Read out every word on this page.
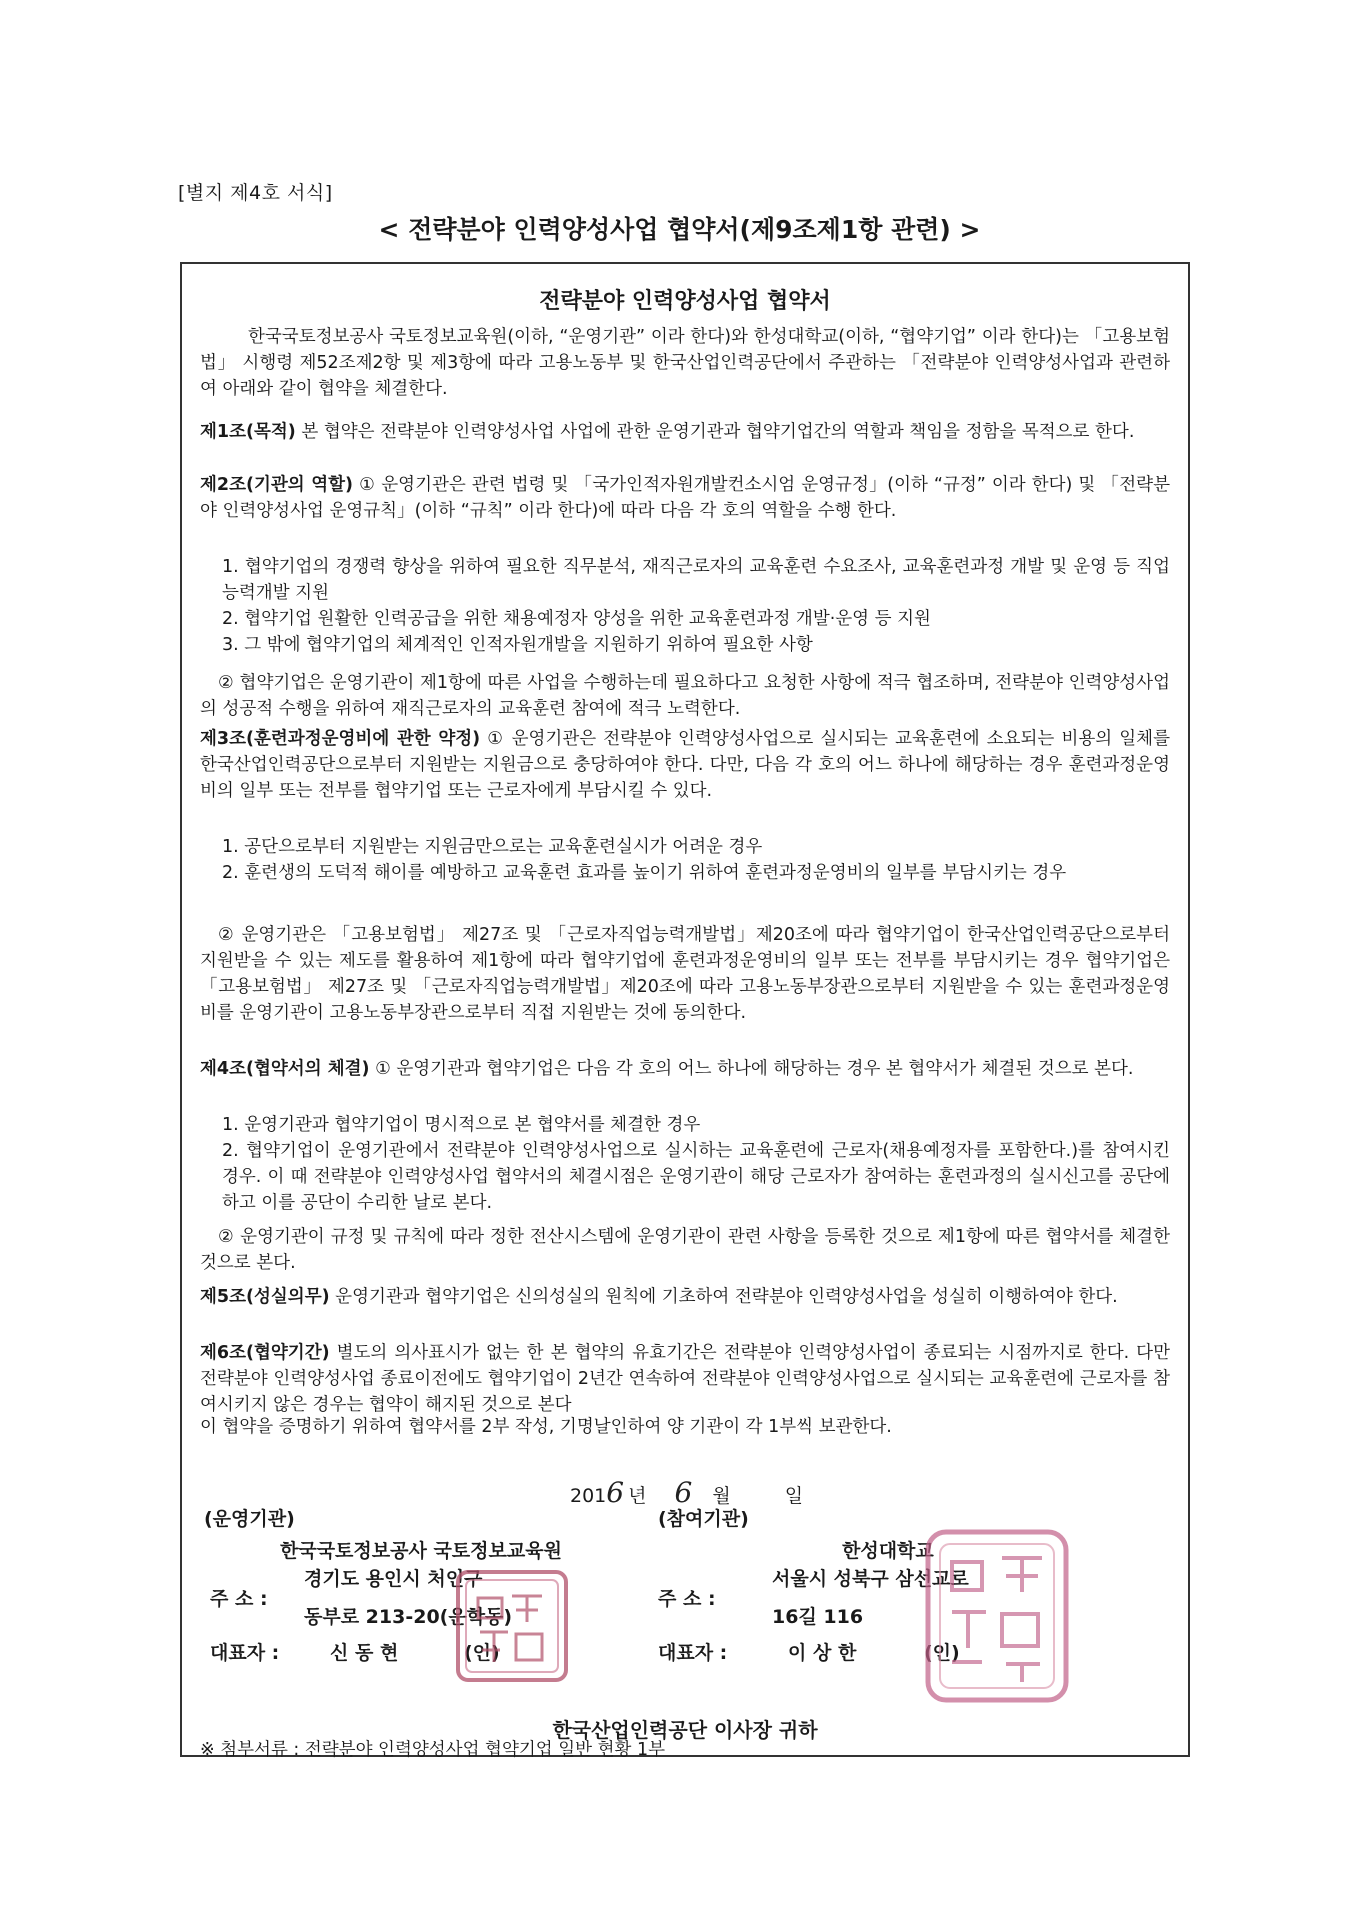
[별지 제4호 서식]
< 전략분야 인력양성사업 협약서(제9조제1항 관련) >
전략분야 인력양성사업 협약서
한국국토정보공사 국토정보교육원(이하, “운영기관” 이라 한다)와 한성대학교(이하, “협약기업” 이라 한다)는 「고용보험법」 시행령 제52조제2항 및 제3항에 따라 고용노동부 및 한국산업인력공단에서 주관하는 「전략분야 인력양성사업과 관련하여 아래와 같이 협약을 체결한다.
제1조(목적) 본 협약은 전략분야 인력양성사업 사업에 관한 운영기관과 협약기업간의 역할과 책임을 정함을 목적으로 한다.
제2조(기관의 역할) ① 운영기관은 관련 법령 및 「국가인적자원개발컨소시엄 운영규정」(이하 “규정” 이라 한다) 및 「전략분야 인력양성사업 운영규칙」(이하 “규칙” 이라 한다)에 따라 다음 각 호의 역할을 수행 한다.
1. 협약기업의 경쟁력 향상을 위하여 필요한 직무분석, 재직근로자의 교육훈련 수요조사, 교육훈련과정 개발 및 운영 등 직업능력개발 지원
2. 협약기업 원활한 인력공급을 위한 채용예정자 양성을 위한 교육훈련과정 개발·운영 등 지원
3. 그 밖에 협약기업의 체계적인 인적자원개발을 지원하기 위하여 필요한 사항
② 협약기업은 운영기관이 제1항에 따른 사업을 수행하는데 필요하다고 요청한 사항에 적극 협조하며, 전략분야 인력양성사업의 성공적 수행을 위하여 재직근로자의 교육훈련 참여에 적극 노력한다.
제3조(훈련과정운영비에 관한 약정) ① 운영기관은 전략분야 인력양성사업으로 실시되는 교육훈련에 소요되는 비용의 일체를 한국산업인력공단으로부터 지원받는 지원금으로 충당하여야 한다. 다만, 다음 각 호의 어느 하나에 해당하는 경우 훈련과정운영비의 일부 또는 전부를 협약기업 또는 근로자에게 부담시킬 수 있다.
1. 공단으로부터 지원받는 지원금만으로는 교육훈련실시가 어려운 경우
2. 훈련생의 도덕적 해이를 예방하고 교육훈련 효과를 높이기 위하여 훈련과정운영비의 일부를 부담시키는 경우
② 운영기관은 「고용보험법」 제27조 및 「근로자직업능력개발법」제20조에 따라 협약기업이 한국산업인력공단으로부터 지원받을 수 있는 제도를 활용하여 제1항에 따라 협약기업에 훈련과정운영비의 일부 또는 전부를 부담시키는 경우 협약기업은 「고용보험법」 제27조 및 「근로자직업능력개발법」제20조에 따라 고용노동부장관으로부터 지원받을 수 있는 훈련과정운영비를 운영기관이 고용노동부장관으로부터 직접 지원받는 것에 동의한다.
제4조(협약서의 체결) ① 운영기관과 협약기업은 다음 각 호의 어느 하나에 해당하는 경우 본 협약서가 체결된 것으로 본다.
1. 운영기관과 협약기업이 명시적으로 본 협약서를 체결한 경우
2. 협약기업이 운영기관에서 전략분야 인력양성사업으로 실시하는 교육훈련에 근로자(채용예정자를 포함한다.)를 참여시킨 경우. 이 때 전략분야 인력양성사업 협약서의 체결시점은 운영기관이 해당 근로자가 참여하는 훈련과정의 실시신고를 공단에 하고 이를 공단이 수리한 날로 본다.
② 운영기관이 규정 및 규칙에 따라 정한 전산시스템에 운영기관이 관련 사항을 등록한 것으로 제1항에 따른 협약서를 체결한 것으로 본다.
제5조(성실의무) 운영기관과 협약기업은 신의성실의 원칙에 기초하여 전략분야 인력양성사업을 성실히 이행하여야 한다.
제6조(협약기간) 별도의 의사표시가 없는 한 본 협약의 유효기간은 전략분야 인력양성사업이 종료되는 시점까지로 한다. 다만 전략분야 인력양성사업 종료이전에도 협약기업이 2년간 연속하여 전략분야 인력양성사업으로 실시되는 교육훈련에 근로자를 참여시키지 않은 경우는 협약이 해지된 것으로 본다
이 협약을 증명하기 위하여 협약서를 2부 작성, 기명날인하여 양 기관이 각 1부씩 보관한다.
2016 년 6 월	일
(운영기관)
한국국토정보공사 국토정보교육원
주 소 :
경기도 용인시 처인구
동부로 213-20(운학동)
대표자 :	신 동 현	(인)
(참여기관)
한성대학교
주 소 :
서울시 성북구 삼선교로
16길 116
대표자 :	이 상 한	(인)
한국산업인력공단 이사장 귀하
※ 첨부서류 : 전략분야 인력양성사업 협약기업 일반 현황 1부
